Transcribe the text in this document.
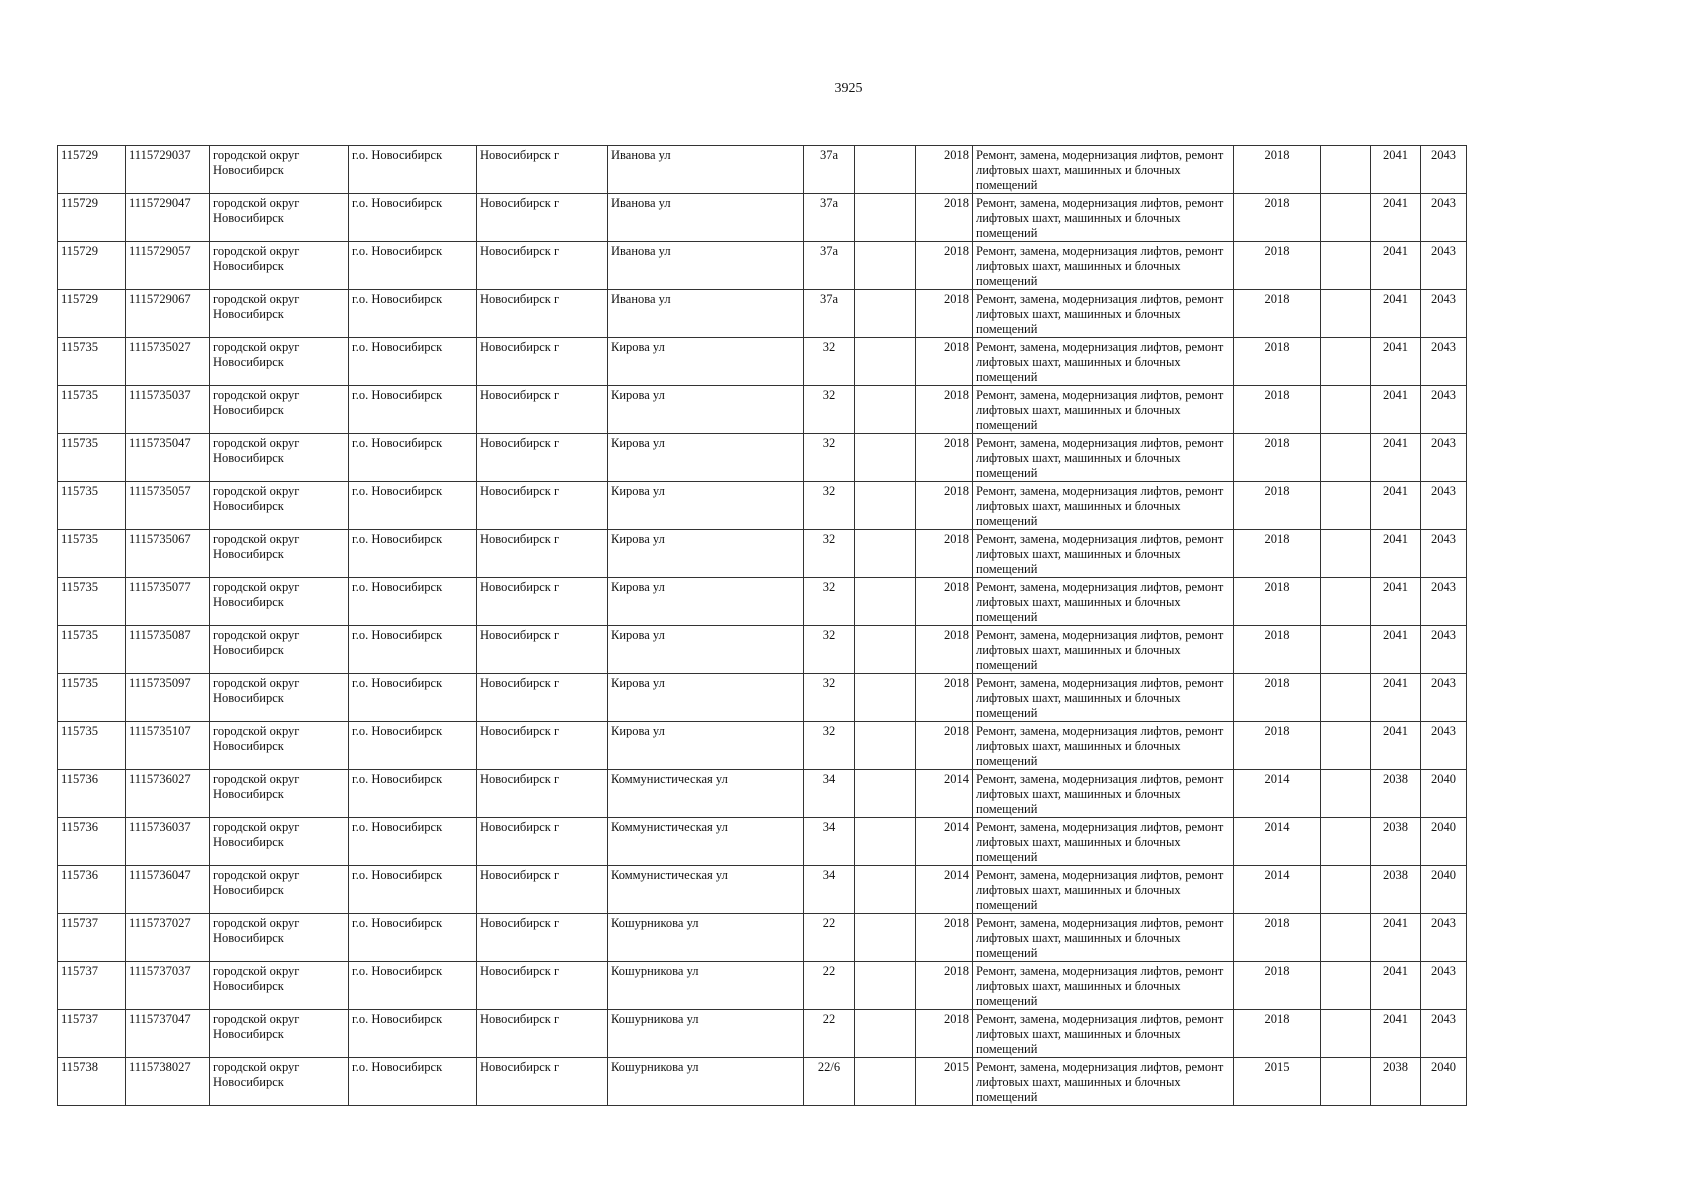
3925
115729	1115729037	городской округ Новосибирск	г.о. Новосибирск	Новосибирск г	Иванова ул	37а		2018	Ремонт, замена, модернизация лифтов, ремонт лифтовых шахт, машинных и блочных помещений	2018		2041	2043
115729	1115729047	городской округ Новосибирск	г.о. Новосибирск	Новосибирск г	Иванова ул	37а		2018	Ремонт, замена, модернизация лифтов, ремонт лифтовых шахт, машинных и блочных помещений	2018		2041	2043
115729	1115729057	городской округ Новосибирск	г.о. Новосибирск	Новосибирск г	Иванова ул	37а		2018	Ремонт, замена, модернизация лифтов, ремонт лифтовых шахт, машинных и блочных помещений	2018		2041	2043
115729	1115729067	городской округ Новосибирск	г.о. Новосибирск	Новосибирск г	Иванова ул	37а		2018	Ремонт, замена, модернизация лифтов, ремонт лифтовых шахт, машинных и блочных помещений	2018		2041	2043
115735	1115735027	городской округ Новосибирск	г.о. Новосибирск	Новосибирск г	Кирова ул	32		2018	Ремонт, замена, модернизация лифтов, ремонт лифтовых шахт, машинных и блочных помещений	2018		2041	2043
115735	1115735037	городской округ Новосибирск	г.о. Новосибирск	Новосибирск г	Кирова ул	32		2018	Ремонт, замена, модернизация лифтов, ремонт лифтовых шахт, машинных и блочных помещений	2018		2041	2043
115735	1115735047	городской округ Новосибирск	г.о. Новосибирск	Новосибирск г	Кирова ул	32		2018	Ремонт, замена, модернизация лифтов, ремонт лифтовых шахт, машинных и блочных помещений	2018		2041	2043
115735	1115735057	городской округ Новосибирск	г.о. Новосибирск	Новосибирск г	Кирова ул	32		2018	Ремонт, замена, модернизация лифтов, ремонт лифтовых шахт, машинных и блочных помещений	2018		2041	2043
115735	1115735067	городской округ Новосибирск	г.о. Новосибирск	Новосибирск г	Кирова ул	32		2018	Ремонт, замена, модернизация лифтов, ремонт лифтовых шахт, машинных и блочных помещений	2018		2041	2043
115735	1115735077	городской округ Новосибирск	г.о. Новосибирск	Новосибирск г	Кирова ул	32		2018	Ремонт, замена, модернизация лифтов, ремонт лифтовых шахт, машинных и блочных помещений	2018		2041	2043
115735	1115735087	городской округ Новосибирск	г.о. Новосибирск	Новосибирск г	Кирова ул	32		2018	Ремонт, замена, модернизация лифтов, ремонт лифтовых шахт, машинных и блочных помещений	2018		2041	2043
115735	1115735097	городской округ Новосибирск	г.о. Новосибирск	Новосибирск г	Кирова ул	32		2018	Ремонт, замена, модернизация лифтов, ремонт лифтовых шахт, машинных и блочных помещений	2018		2041	2043
115735	1115735107	городской округ Новосибирск	г.о. Новосибирск	Новосибирск г	Кирова ул	32		2018	Ремонт, замена, модернизация лифтов, ремонт лифтовых шахт, машинных и блочных помещений	2018		2041	2043
115736	1115736027	городской округ Новосибирск	г.о. Новосибирск	Новосибирск г	Коммунистическая ул	34		2014	Ремонт, замена, модернизация лифтов, ремонт лифтовых шахт, машинных и блочных помещений	2014		2038	2040
115736	1115736037	городской округ Новосибирск	г.о. Новосибирск	Новосибирск г	Коммунистическая ул	34		2014	Ремонт, замена, модернизация лифтов, ремонт лифтовых шахт, машинных и блочных помещений	2014		2038	2040
115736	1115736047	городской округ Новосибирск	г.о. Новосибирск	Новосибирск г	Коммунистическая ул	34		2014	Ремонт, замена, модернизация лифтов, ремонт лифтовых шахт, машинных и блочных помещений	2014		2038	2040
115737	1115737027	городской округ Новосибирск	г.о. Новосибирск	Новосибирск г	Кошурникова ул	22		2018	Ремонт, замена, модернизация лифтов, ремонт лифтовых шахт, машинных и блочных помещений	2018		2041	2043
115737	1115737037	городской округ Новосибирск	г.о. Новосибирск	Новосибирск г	Кошурникова ул	22		2018	Ремонт, замена, модернизация лифтов, ремонт лифтовых шахт, машинных и блочных помещений	2018		2041	2043
115737	1115737047	городской округ Новосибирск	г.о. Новосибирск	Новосибирск г	Кошурникова ул	22		2018	Ремонт, замена, модернизация лифтов, ремонт лифтовых шахт, машинных и блочных помещений	2018		2041	2043
115738	1115738027	городской округ Новосибирск	г.о. Новосибирск	Новосибирск г	Кошурникова ул	22/6		2015	Ремонт, замена, модернизация лифтов, ремонт лифтовых шахт, машинных и блочных помещений	2015		2038	2040
